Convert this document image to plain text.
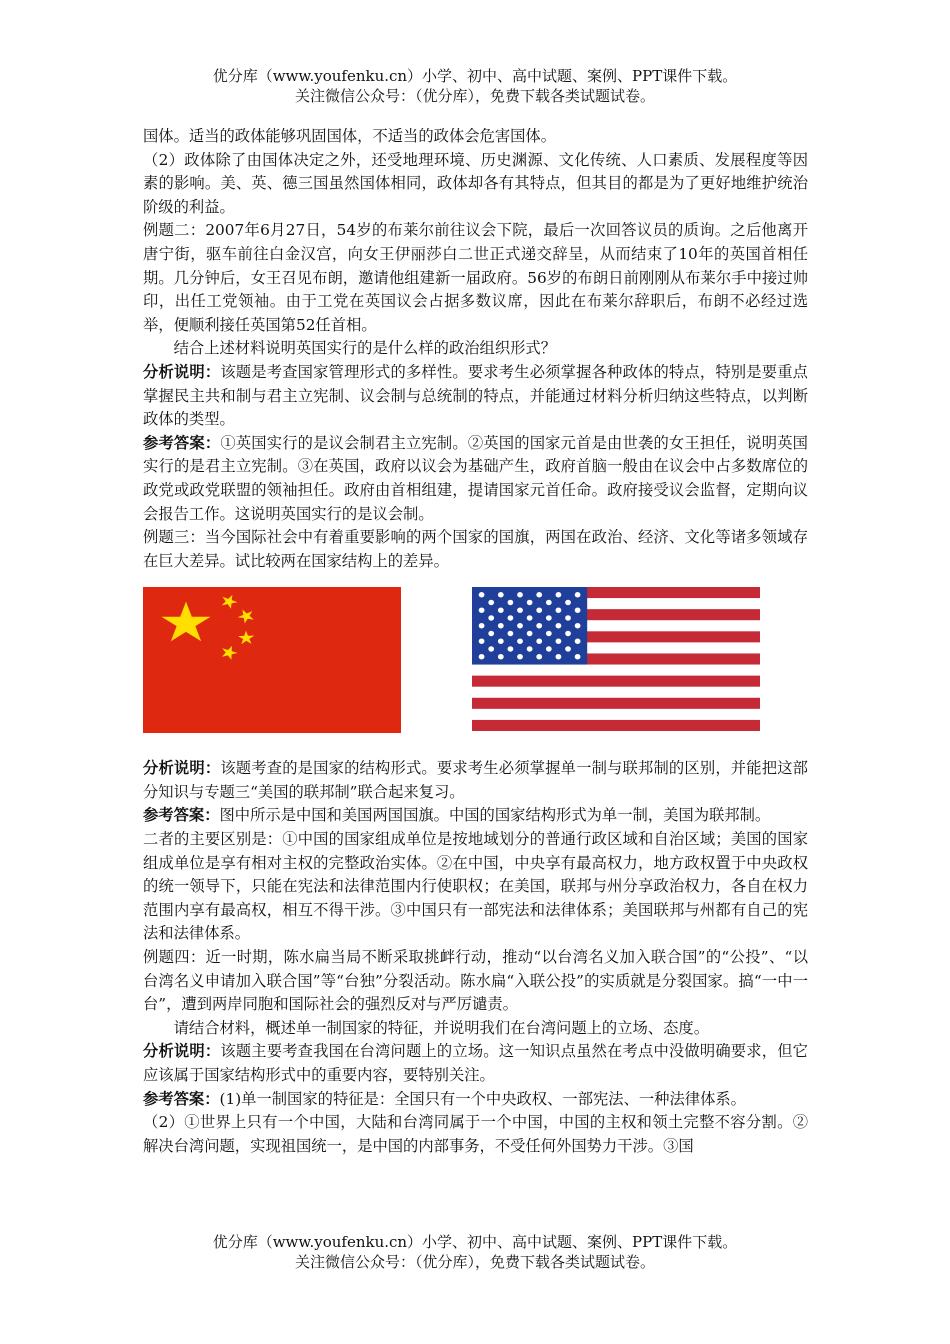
优分库（www.youfenku.cn）小学、初中、高中试题、案例、PPT课件下载。
关注微信公众号：（优分库），免费下载各类试题试卷。

国体。适当的政体能够巩固国体，不适当的政体会危害国体。

（2）政体除了由国体决定之外，还受地理环境、历史渊源、文化传统、人口素质、发展程度等因素的影响。美、英、德三国虽然国体相同，政体却各有其特点，但其目的都是为了更好地维护统治阶级的利益。

例题二：2007年6月27日，54岁的布莱尔前往议会下院，最后一次回答议员的质询。之后他离开唐宁街，驱车前往白金汉宫，向女王伊丽莎白二世正式递交辞呈，从而结束了10年的英国首相任期。几分钟后，女王召见布朗，邀请他组建新一届政府。56岁的布朗日前刚刚从布莱尔手中接过帅印，出任工党领袖。由于工党在英国议会占据多数议席，因此在布莱尔辞职后，布朗不必经过选举，便顺利接任英国第52任首相。

结合上述材料说明英国实行的是什么样的政治组织形式？

分析说明：该题是考查国家管理形式的多样性。要求考生必须掌握各种政体的特点，特别是要重点掌握民主共和制与君主立宪制、议会制与总统制的特点，并能通过材料分析归纳这些特点，以判断政体的类型。

参考答案：①英国实行的是议会制君主立宪制。②英国的国家元首是由世袭的女王担任，说明英国实行的是君主立宪制。③在英国，政府以议会为基础产生，政府首脑一般由在议会中占多数席位的政党或政党联盟的领袖担任。政府由首相组建，提请国家元首任命。政府接受议会监督，定期向议会报告工作。这说明英国实行的是议会制。

例题三：当今国际社会中有着重要影响的两个国家的国旗，两国在政治、经济、文化等诸多领域存在巨大差异。试比较两在国家结构上的差异。

分析说明：该题考查的是国家的结构形式。要求考生必须掌握单一制与联邦制的区别，并能把这部分知识与专题三“美国的联邦制”联合起来复习。

参考答案：图中所示是中国和美国两国国旗。中国的国家结构形式为单一制，美国为联邦制。

二者的主要区别是：①中国的国家组成单位是按地域划分的普通行政区域和自治区域；美国的国家组成单位是享有相对主权的完整政治实体。②在中国，中央享有最高权力，地方政权置于中央政权的统一领导下，只能在宪法和法律范围内行使职权；在美国，联邦与州分享政治权力，各自在权力范围内享有最高权，相互不得干涉。③中国只有一部宪法和法律体系；美国联邦与州都有自己的宪法和法律体系。

例题四：近一时期，陈水扁当局不断采取挑衅行动，推动“以台湾名义加入联合国”的“公投”、“以台湾名义申请加入联合国”等“台独”分裂活动。陈水扁“入联公投”的实质就是分裂国家。搞“一中一台”，遭到两岸同胞和国际社会的强烈反对与严厉谴责。

请结合材料，概述单一制国家的特征，并说明我们在台湾问题上的立场、态度。

分析说明：该题主要考查我国在台湾问题上的立场。这一知识点虽然在考点中没做明确要求，但它应该属于国家结构形式中的重要内容，要特别关注。

参考答案：(1)单一制国家的特征是：全国只有一个中央政权、一部宪法、一种法律体系。

（2）①世界上只有一个中国，大陆和台湾同属于一个中国，中国的主权和领土完整不容分割。②解决台湾问题，实现祖国统一，是中国的内部事务，不受任何外国势力干涉。③国

优分库（www.youfenku.cn）小学、初中、高中试题、案例、PPT课件下载。
关注微信公众号：（优分库），免费下载各类试题试卷。
